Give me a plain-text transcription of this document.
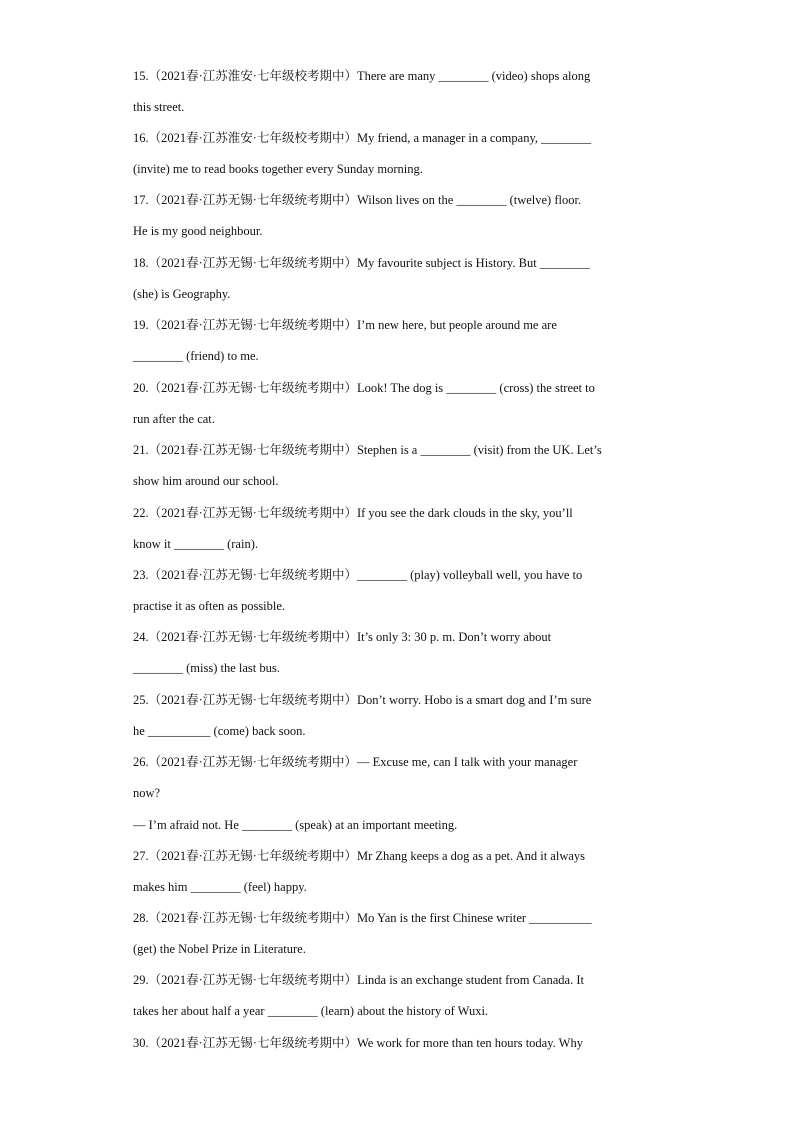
15.（2021春·江苏淮安·七年级校考期中）There are many ________ (video) shops along
this street.
16.（2021春·江苏淮安·七年级校考期中）My friend, a manager in a company, ________
(invite) me to read books together every Sunday morning.
17.（2021春·江苏无锡·七年级统考期中）Wilson lives on the ________ (twelve) floor.
He is my good neighbour.
18.（2021春·江苏无锡·七年级统考期中）My favourite subject is History. But ________
(she) is Geography.
19.（2021春·江苏无锡·七年级统考期中）I’m new here, but people around me are
________ (friend) to me.
20.（2021春·江苏无锡·七年级统考期中）Look! The dog is ________ (cross) the street to
run after the cat.
21.（2021春·江苏无锡·七年级统考期中）Stephen is a ________ (visit) from the UK. Let’s
show him around our school.
22.（2021春·江苏无锡·七年级统考期中）If you see the dark clouds in the sky, you’ll
know it ________ (rain).
23.（2021春·江苏无锡·七年级统考期中）________ (play) volleyball well, you have to
practise it as often as possible.
24.（2021春·江苏无锡·七年级统考期中）It’s only 3: 30 p. m. Don’t worry about
________ (miss) the last bus.
25.（2021春·江苏无锡·七年级统考期中）Don’t worry. Hobo is a smart dog and I’m sure
he __________ (come) back soon.
26.（2021春·江苏无锡·七年级统考期中）— Excuse me, can I talk with your manager
now?
— I’m afraid not. He ________ (speak) at an important meeting.
27.（2021春·江苏无锡·七年级统考期中）Mr Zhang keeps a dog as a pet. And it always
makes him ________ (feel) happy.
28.（2021春·江苏无锡·七年级统考期中）Mo Yan is the first Chinese writer __________
(get) the Nobel Prize in Literature.
29.（2021春·江苏无锡·七年级统考期中）Linda is an exchange student from Canada. It
takes her about half a year ________ (learn) about the history of Wuxi.
30.（2021春·江苏无锡·七年级统考期中）We work for more than ten hours today. Why
